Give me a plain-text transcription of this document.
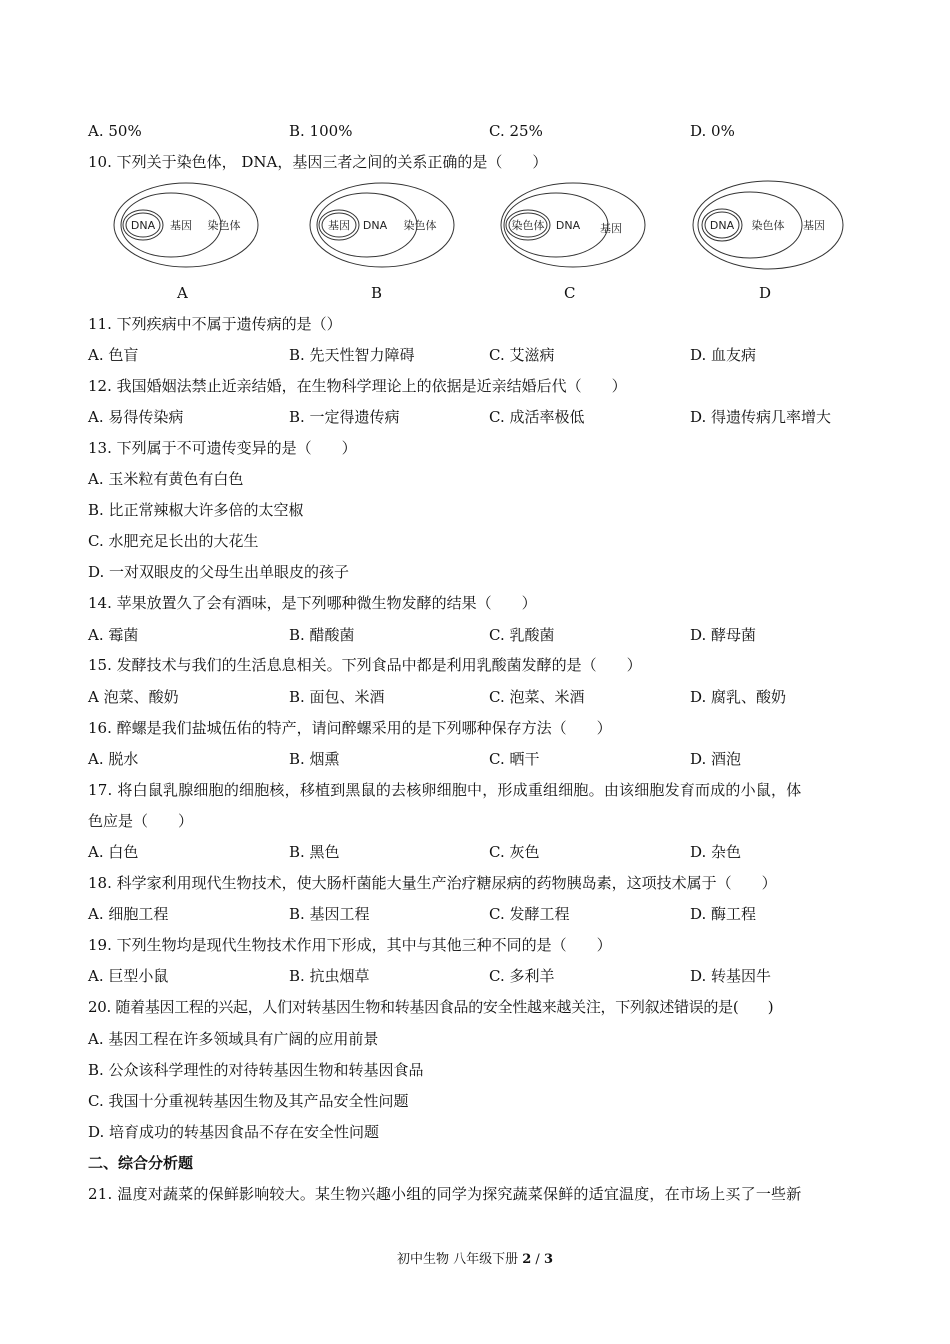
A. 50%	B. 100%	C. 25%	D. 0%
10. 下列关于染色体， DNA，基因三者之间的关系正确的是（　　）
DNA 基因 染色体
A
基因 DNA 染色体
B
染色体 DNA 基因
C
DNA 染色体 基因
D
11. 下列疾病中不属于遗传病的是（）
A. 色盲	B. 先天性智力障碍	C. 艾滋病	D. 血友病
12. 我国婚姻法禁止近亲结婚，在生物科学理论上的依据是近亲结婚后代（　　）
A. 易得传染病	B. 一定得遗传病	C. 成活率极低	D. 得遗传病几率增大
13. 下列属于不可遗传变异的是（　　）
A. 玉米粒有黄色有白色
B. 比正常辣椒大许多倍的太空椒
C. 水肥充足长出的大花生
D. 一对双眼皮的父母生出单眼皮的孩子
14. 苹果放置久了会有酒味，是下列哪种微生物发酵的结果（　　）
A. 霉菌	B. 醋酸菌	C. 乳酸菌	D. 酵母菌
15. 发酵技术与我们的生活息息相关。下列食品中都是利用乳酸菌发酵的是（　　）
A 泡菜、酸奶	B. 面包、米酒	C. 泡菜、米酒	D. 腐乳、酸奶
16. 醉螺是我们盐城伍佑的特产，请问醉螺采用的是下列哪种保存方法（　　）
A. 脱水	B. 烟熏	C. 晒干	D. 酒泡
17. 将白鼠乳腺细胞的细胞核，移植到黑鼠的去核卵细胞中，形成重组细胞。由该细胞发育而成的小鼠，体
色应是（　　）
A. 白色	B. 黑色	C. 灰色	D. 杂色
18. 科学家利用现代生物技术，使大肠杆菌能大量生产治疗糖尿病的药物胰岛素，这项技术属于（　　）
A. 细胞工程	B. 基因工程	C. 发酵工程	D. 酶工程
19. 下列生物均是现代生物技术作用下形成，其中与其他三种不同的是（　　）
A. 巨型小鼠	B. 抗虫烟草	C. 多利羊	D. 转基因牛
20. 随着基因工程的兴起，人们对转基因生物和转基因食品的安全性越来越关注，下列叙述错误的是(　　)
A. 基因工程在许多领域具有广阔的应用前景
B. 公众该科学理性的对待转基因生物和转基因食品
C. 我国十分重视转基因生物及其产品安全性问题
D. 培育成功的转基因食品不存在安全性问题
二、综合分析题
21. 温度对蔬菜的保鲜影响较大。某生物兴趣小组的同学为探究蔬菜保鲜的适宜温度，在市场上买了一些新
初中生物 八年级下册 2 / 3
